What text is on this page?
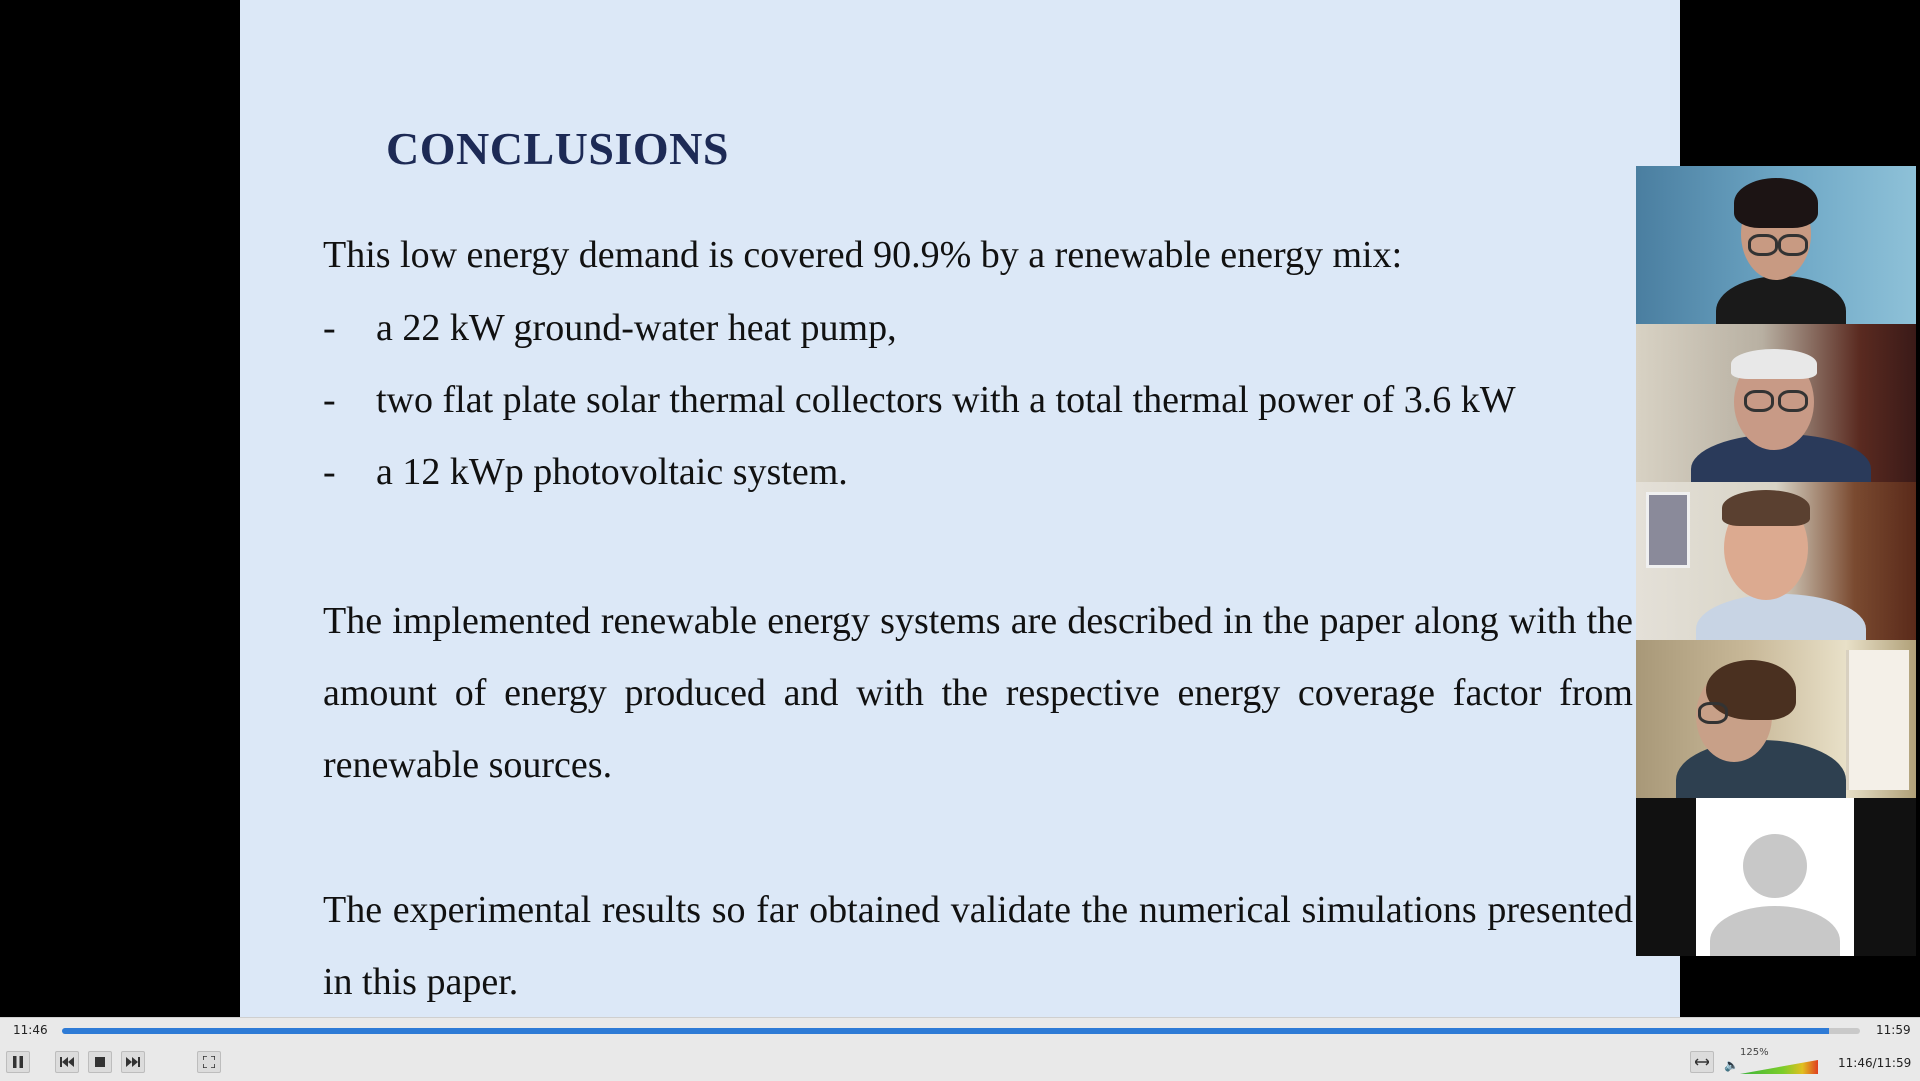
CONCLUSIONS
This low energy demand is covered 90.9% by a renewable energy mix:
-	a 22 kW ground-water heat pump,
-	two flat plate solar thermal collectors with a total thermal power of 3.6 kW
-	a 12 kWp photovoltaic system.

The implemented renewable energy systems are described in the paper along with the amount of energy produced and with the respective energy coverage factor from renewable sources.

The experimental results so far obtained validate the numerical simulations presented in this paper.

11:46	11:59
🔈
125%
11:46/11:59
